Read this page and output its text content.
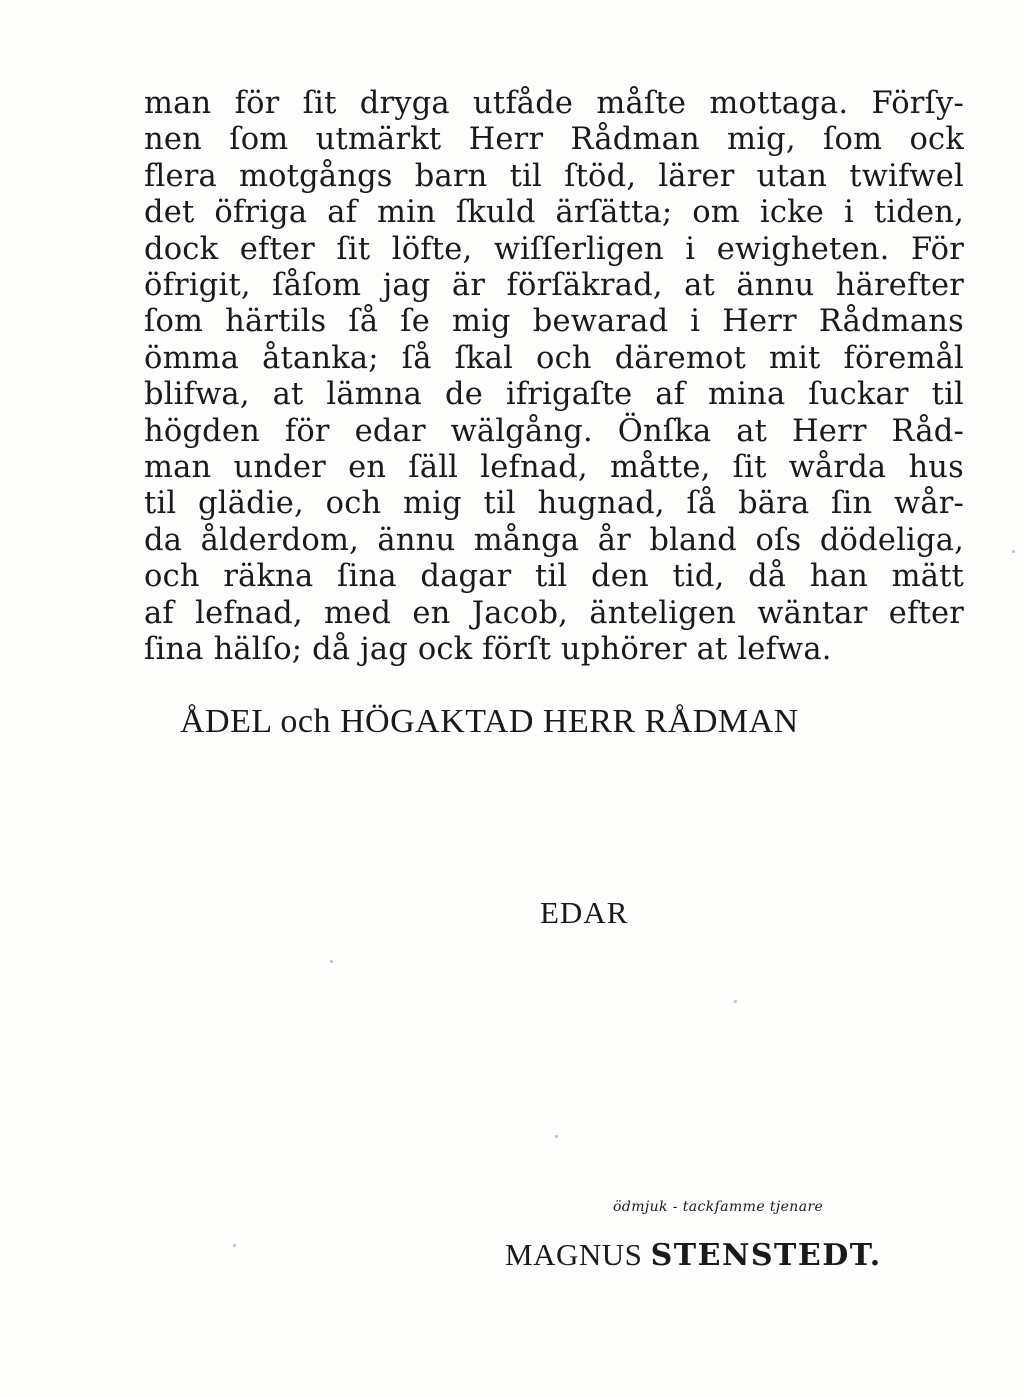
man för ſit dryga utfåde måſte mottaga. Förſy-
nen ſom utmärkt Herr Rådman mig, ſom ock
flera motgångs barn til ſtöd, lärer utan twifwel
det öfriga af min ſkuld ärſätta; om icke i tiden,
dock efter ſit löfte, wiſſerligen i ewigheten. För
öfrigit, ſåſom jag är förſäkrad, at ännu härefter
ſom härtils ſå ſe mig bewarad i Herr Rådmans
ömma åtanka; ſå ſkal och däremot mit föremål
blifwa, at lämna de ifrigaſte af mina ſuckar til
högden för edar wälgång. Önſka at Herr Råd-
man under en ſäll lefnad, måtte, ſit wårda hus
til glädie, och mig til hugnad, ſå bära ſin wår-
da ålderdom, ännu många år bland oſs dödeliga,
och räkna ſina dagar til den tid, då han mätt
af lefnad, med en Jacob, änteligen wäntar efter
ſina hälſo; då jag ock förſt uphörer at lefwa.
ÅDEL och HÖGAKTAD HERR RÅDMAN
EDAR
ödmjuk - tackſamme tjenare
MAGNUS STENSTEDT.
